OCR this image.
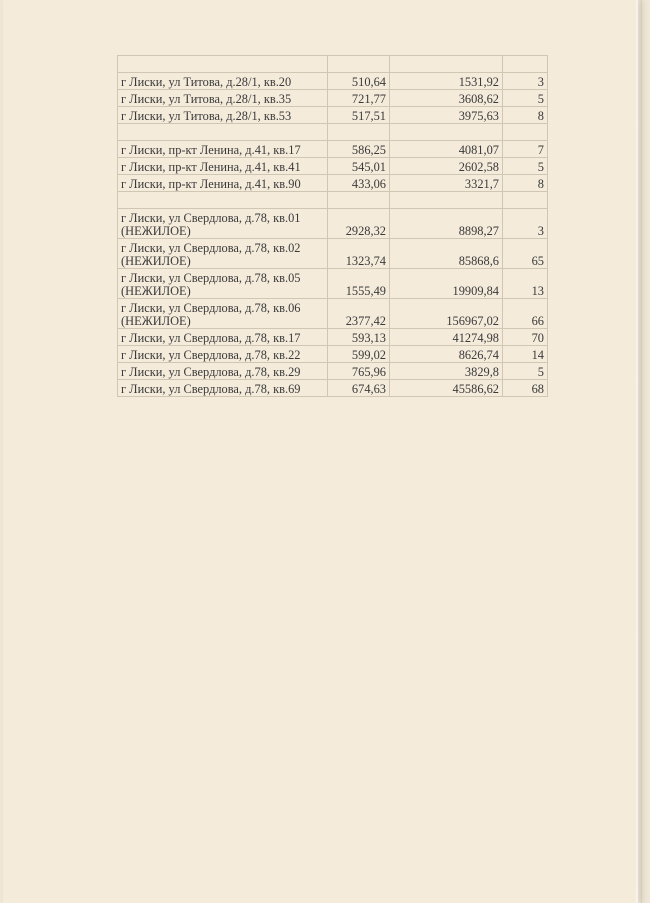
г Лиски, ул Титова, д.28/1, кв.20	510,64	1531,92	3
г Лиски, ул Титова, д.28/1, кв.35	721,77	3608,62	5
г Лиски, ул Титова, д.28/1, кв.53	517,51	3975,63	8

г Лиски, пр-кт Ленина, д.41, кв.17	586,25	4081,07	7
г Лиски, пр-кт Ленина, д.41, кв.41	545,01	2602,58	5
г Лиски, пр-кт Ленина, д.41, кв.90	433,06	3321,7	8

г Лиски, ул Свердлова, д.78, кв.01
(НЕЖИЛОЕ)	2928,32	8898,27	3
г Лиски, ул Свердлова, д.78, кв.02
(НЕЖИЛОЕ)	1323,74	85868,6	65
г Лиски, ул Свердлова, д.78, кв.05
(НЕЖИЛОЕ)	1555,49	19909,84	13
г Лиски, ул Свердлова, д.78, кв.06
(НЕЖИЛОЕ)	2377,42	156967,02	66
г Лиски, ул Свердлова, д.78, кв.17	593,13	41274,98	70
г Лиски, ул Свердлова, д.78, кв.22	599,02	8626,74	14
г Лиски, ул Свердлова, д.78, кв.29	765,96	3829,8	5
г Лиски, ул Свердлова, д.78, кв.69	674,63	45586,62	68
